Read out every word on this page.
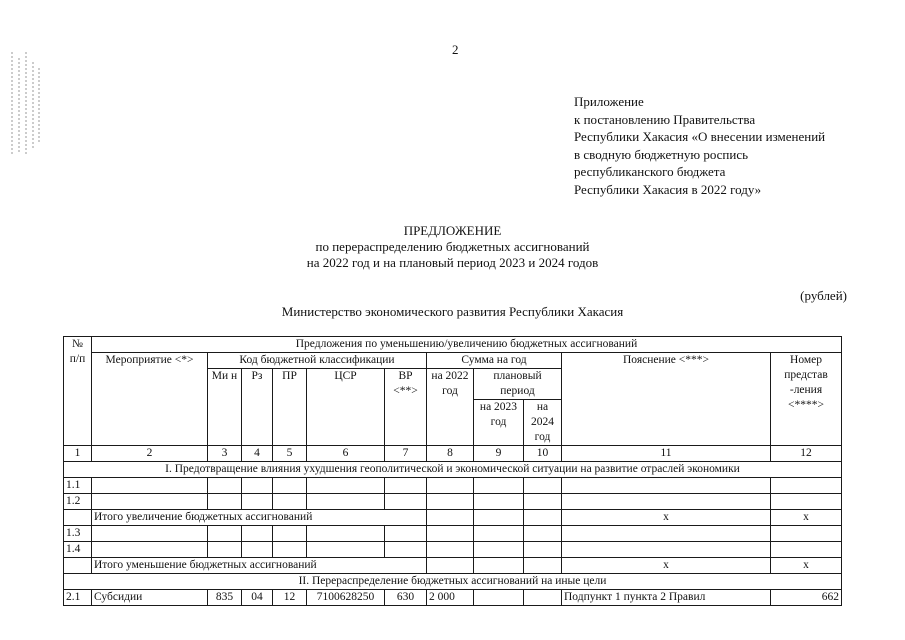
2
Приложение
к постановлению Правительства
Республики Хакасия «О внесении изменений
в сводную бюджетную роспись
республиканского бюджета
Республики Хакасия в 2022 году»
ПРЕДЛОЖЕНИЕ
по перераспределению бюджетных ассигнований
на 2022 год и на плановый период 2023 и 2024 годов
(рублей)
Министерство экономического развития Республики Хакасия
№ п/п	Предложения по уменьшению/увеличению бюджетных ассигнований										
	Мероприятие <*>	Код бюджетной классификации					Сумма на год			Пояснение <***>	Номер представ -ления <****>
		Ми н	Рз	ПР	ЦСР	ВР <**>	на 2022 год	плановый период			
								на 2023 год	на 2024 год		

1	2	3	4	5	6	7	8	9	10	11	12
I. Предотвращение влияния ухудшения геополитической и экономической ситуации на развитие отраслей экономики											
1.1											
1.2											
	Итого увеличение бюджетных ассигнований									х	х
1.3											
1.4											
	Итого уменьшение бюджетных ассигнований									х	х
II. Перераспределение бюджетных ассигнований на иные цели											
2.1	Субсидии	835	04	12	7100628250	630	2 000			Подпункт 1 пункта 2 Правил	662
